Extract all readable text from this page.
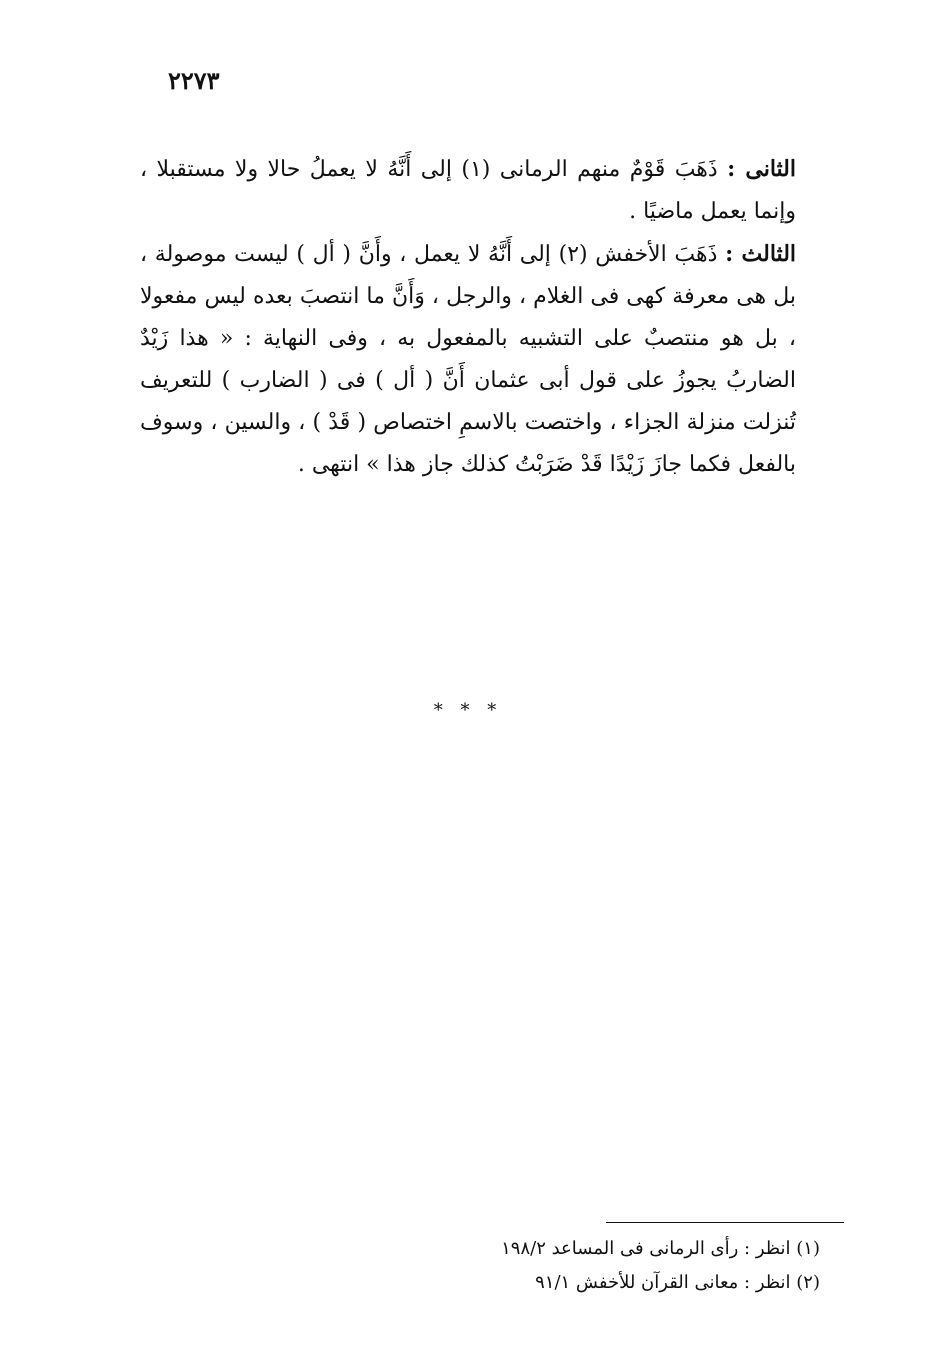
٢٢٧٣

الثانى : ذَهَبَ قَوْمٌ منهم الرمانى (١) إلى أَنَّهُ لا يعملُ حالا ولا مستقبلا ، وإنما يعمل ماضيًا .

الثالث : ذَهَبَ الأخفش (٢) إلى أَنَّهُ لا يعمل ، وأَنَّ ( أل ) ليست موصولة ، بل هى معرفة كهى فى الغلام ، والرجل ، وَأَنَّ ما انتصبَ بعده ليس مفعولا ، بل هو منتصبٌ على التشبيه بالمفعول به ، وفى النهاية : « هذا زَيْدٌ الضاربُ يجوزُ على قول أبى عثمان أَنَّ ( أل ) فى ( الضارب ) للتعريف تُنزلت منزلة الجزاء ، واختصت بالاسمِ اختصاص ( قَدْ ) ، والسين ، وسوف بالفعل فكما جازَ زَيْدًا قَدْ ضَرَبْتُ كذلك جاز هذا » انتهى .

* * *

(١) انظر : رأى الرمانى فى المساعد ١٩٨/٢

(٢) انظر : معانى القرآن للأخفش ٩١/١
